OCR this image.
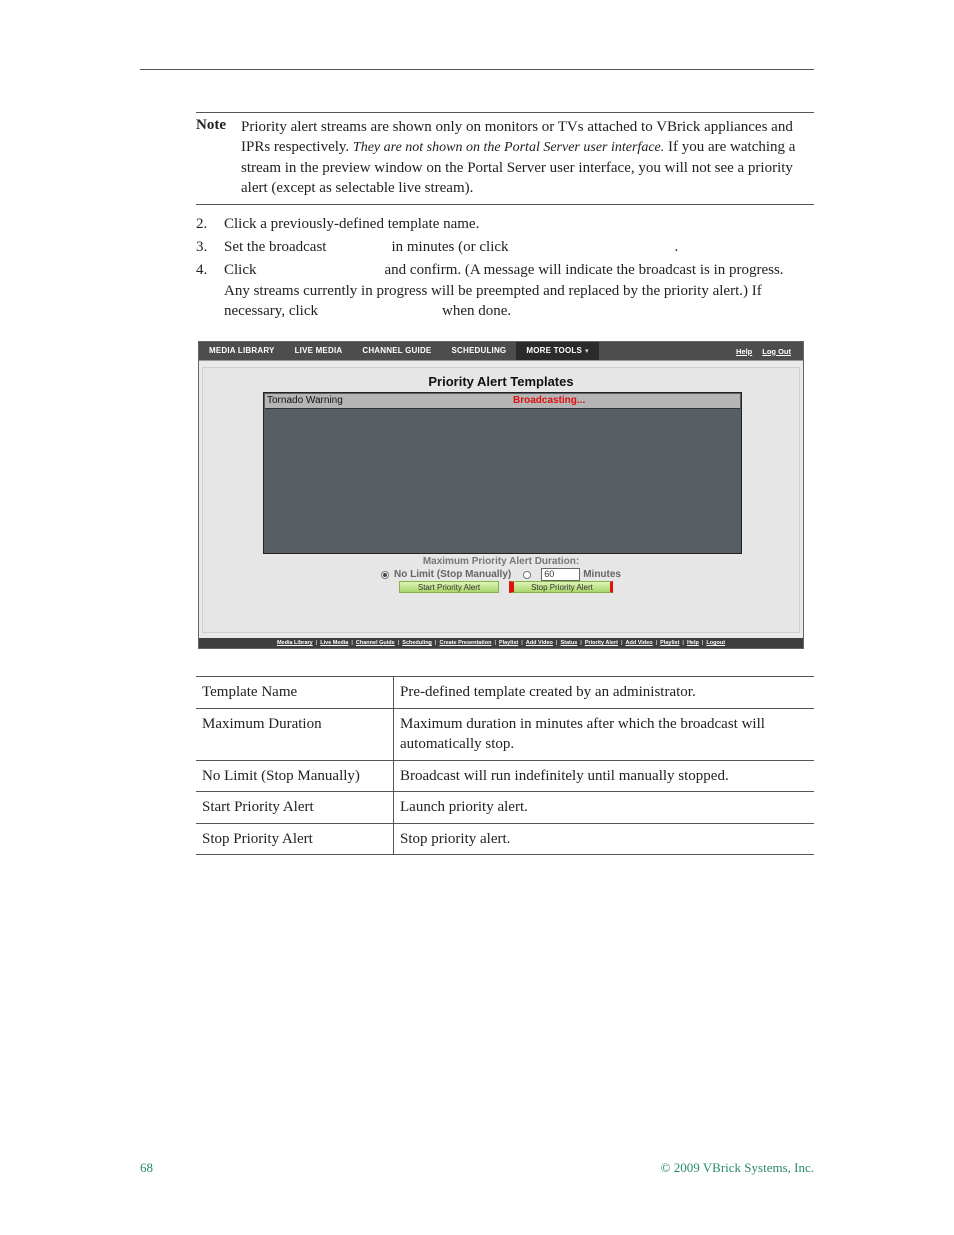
Note Priority alert streams are shown only on monitors or TVs attached to VBrick appliances and IPRs respectively. They are not shown on the Portal Server user interface. If you are watching a stream in the preview window on the Portal Server user interface, you will not see a priority alert (except as selectable live stream).
2. Click a previously-defined template name.
3. Set the broadcast	in minutes (or click	.
4. Click	and confirm. (A message will indicate the broadcast is in progress. Any streams currently in progress will be preempted and replaced by the priority alert.) If necessary, click	when done.
MEDIA LIBRARY	LIVE MEDIA	CHANNEL GUIDE	SCHEDULING	MORE TOOLS ▾	Help Log Out
Priority Alert Templates
Tornado Warning	Broadcasting...
Maximum Priority Alert Duration:
No Limit (Stop Manually)	60	Minutes
Start Priority Alert	Stop Priority Alert
Media Library | Live Media | Channel Guide | Scheduling | Create Presentation | Playlist | Add Video | Status | Priority Alert | Add Video | Playlist | Help | Logout
Template Name	Pre-defined template created by an administrator.
Maximum Duration	Maximum duration in minutes after which the broadcast will automatically stop.
No Limit (Stop Manually)	Broadcast will run indefinitely until manually stopped.
Start Priority Alert	Launch priority alert.
Stop Priority Alert	Stop priority alert.
68	© 2009 VBrick Systems, Inc.
